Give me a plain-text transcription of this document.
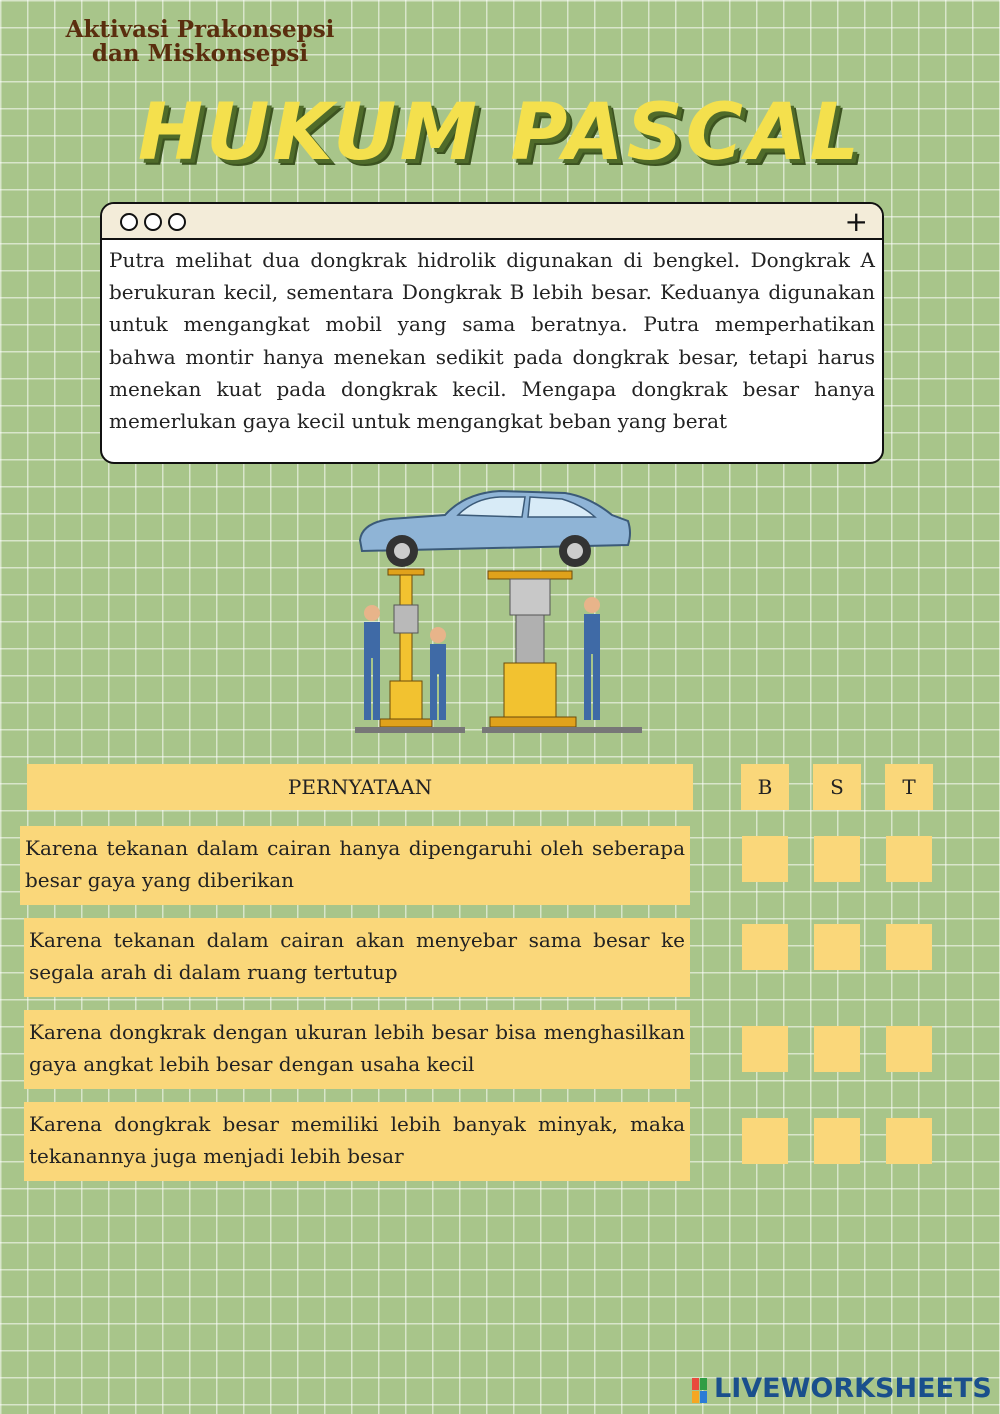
Aktivasi Prakonsepsi
dan Miskonsepsi
HUKUM PASCAL
+
Putra melihat dua dongkrak hidrolik digunakan di bengkel. Dongkrak A berukuran kecil, sementara Dongkrak B lebih besar. Keduanya digunakan untuk mengangkat mobil yang sama beratnya. Putra memperhatikan bahwa montir hanya menekan sedikit pada dongkrak besar, tetapi harus menekan kuat pada dongkrak kecil. Mengapa dongkrak besar hanya memerlukan gaya kecil untuk mengangkat beban yang berat
PERNYATAAN	B	S	T
Karena tekanan dalam cairan hanya dipengaruhi oleh seberapa besar gaya yang diberikan
Karena tekanan dalam cairan akan menyebar sama besar ke segala arah di dalam ruang tertutup
Karena dongkrak dengan ukuran lebih besar bisa menghasilkan gaya angkat lebih besar dengan usaha kecil
Karena dongkrak besar memiliki lebih banyak minyak, maka tekanannya juga menjadi lebih besar
LIVEWORKSHEETS
